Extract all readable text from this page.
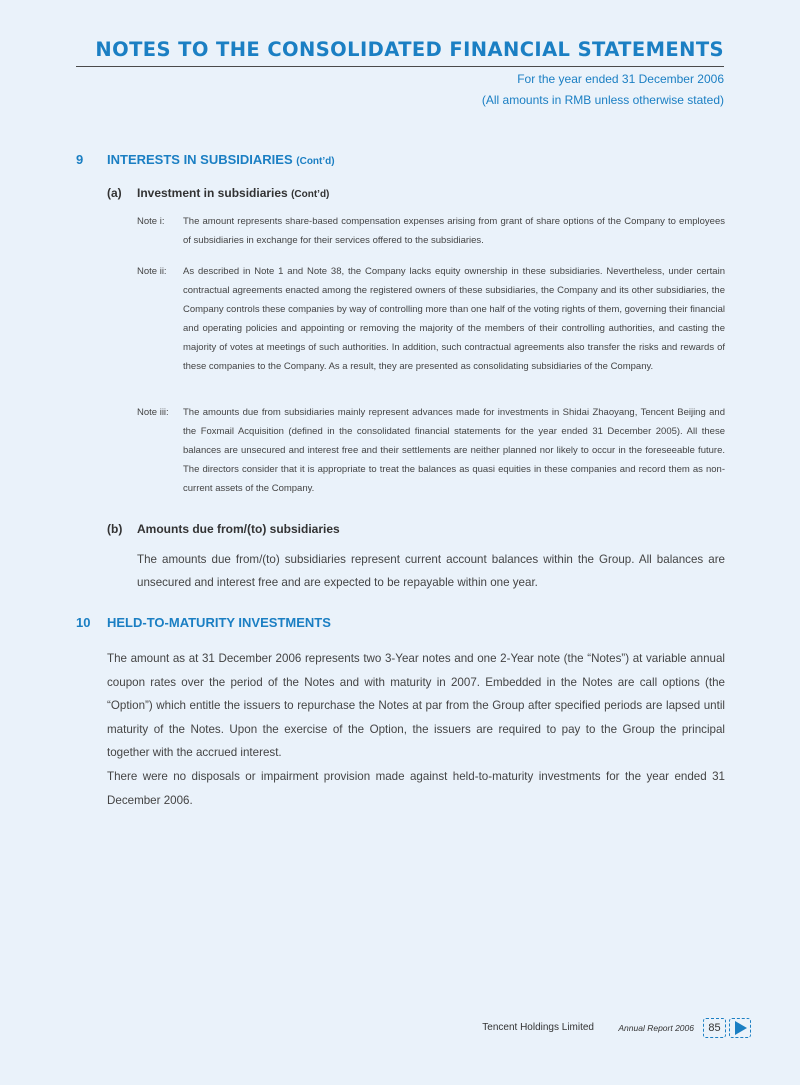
NOTES TO THE CONSOLIDATED FINANCIAL STATEMENTS
For the year ended 31 December 2006
(All amounts in RMB unless otherwise stated)
9 INTERESTS IN SUBSIDIARIES (Cont’d)
(a) Investment in subsidiaries (Cont’d)
Note i: The amount represents share-based compensation expenses arising from grant of share options of the Company to employees of subsidiaries in exchange for their services offered to the subsidiaries.
Note ii: As described in Note 1 and Note 38, the Company lacks equity ownership in these subsidiaries. Nevertheless, under certain contractual agreements enacted among the registered owners of these subsidiaries, the Company and its other subsidiaries, the Company controls these companies by way of controlling more than one half of the voting rights of them, governing their financial and operating policies and appointing or removing the majority of the members of their controlling authorities, and casting the majority of votes at meetings of such authorities. In addition, such contractual agreements also transfer the risks and rewards of these companies to the Company. As a result, they are presented as consolidating subsidiaries of the Company.
Note iii: The amounts due from subsidiaries mainly represent advances made for investments in Shidai Zhaoyang, Tencent Beijing and the Foxmail Acquisition (defined in the consolidated financial statements for the year ended 31 December 2005). All these balances are unsecured and interest free and their settlements are neither planned nor likely to occur in the foreseeable future. The directors consider that it is appropriate to treat the balances as quasi equities in these companies and record them as non-current assets of the Company.
(b) Amounts due from/(to) subsidiaries
The amounts due from/(to) subsidiaries represent current account balances within the Group. All balances are unsecured and interest free and are expected to be repayable within one year.
10 HELD-TO-MATURITY INVESTMENTS
The amount as at 31 December 2006 represents two 3-Year notes and one 2-Year note (the “Notes”) at variable annual coupon rates over the period of the Notes and with maturity in 2007. Embedded in the Notes are call options (the “Option”) which entitle the issuers to repurchase the Notes at par from the Group after specified periods are lapsed until maturity of the Notes. Upon the exercise of the Option, the issuers are required to pay to the Group the principal together with the accrued interest.
There were no disposals or impairment provision made against held-to-maturity investments for the year ended 31 December 2006.
Tencent Holdings Limited	Annual Report 2006	85
